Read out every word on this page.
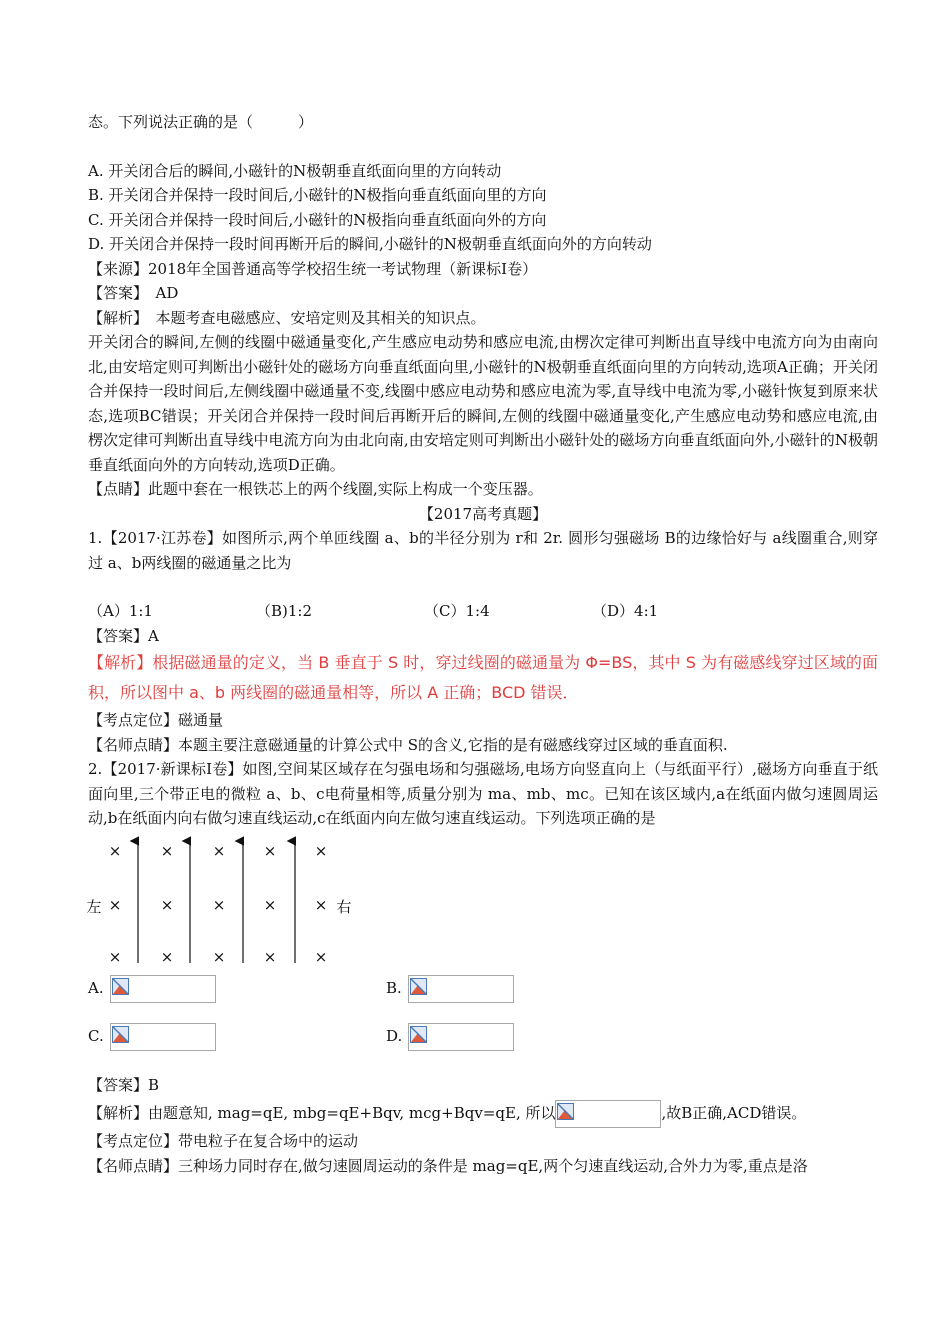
态。下列说法正确的是（　　　）
A. 开关闭合后的瞬间,小磁针的N极朝垂直纸面向里的方向转动
B. 开关闭合并保持一段时间后,小磁针的N极指向垂直纸面向里的方向
C. 开关闭合并保持一段时间后,小磁针的N极指向垂直纸面向外的方向
D. 开关闭合并保持一段时间再断开后的瞬间,小磁针的N极朝垂直纸面向外的方向转动
【来源】2018年全国普通高等学校招生统一考试物理（新课标Ⅰ卷）
【答案】　AD
【解析】　本题考查电磁感应、安培定则及其相关的知识点。

开关闭合的瞬间,左侧的线圈中磁通量变化,产生感应电动势和感应电流,由楞次定律可判断出直导线中电流方向为由南向北,由安培定则可判断出小磁针处的磁场方向垂直纸面向里,小磁针的N极朝垂直纸面向里的方向转动,选项A正确；开关闭合并保持一段时间后,左侧线圈中磁通量不变,线圈中感应电动势和感应电流为零,直导线中电流为零,小磁针恢复到原来状态,选项BC错误；开关闭合并保持一段时间后再断开后的瞬间,左侧的线圈中磁通量变化,产生感应电动势和感应电流,由楞次定律可判断出直导线中电流方向为由北向南,由安培定则可判断出小磁针处的磁场方向垂直纸面向外,小磁针的N极朝垂直纸面向外的方向转动,选项D正确。

【点睛】此题中套在一根铁芯上的两个线圈,实际上构成一个变压器。
【2017高考真题】

1.【2017·江苏卷】如图所示,两个单匝线圈 a、b的半径分别为 r和 2r. 圆形匀强磁场 B的边缘恰好与 a线圈重合,则穿过 a、b两线圈的磁通量之比为

（A）1:1	（B)1:2	（C）1:4	（D）4:1
【答案】A

【解析】根据磁通量的定义，当 B 垂直于 S 时，穿过线圈的磁通量为 Φ=BS，其中 S 为有磁感线穿过区域的面积，所以图中 a、b 两线圈的磁通量相等，所以 A 正确；BCD 错误．

【考点定位】磁通量
【名师点睛】本题主要注意磁通量的计算公式中 S的含义,它指的是有磁感线穿过区域的垂直面积.

2.【2017·新课标Ⅰ卷】如图,空间某区域存在匀强电场和匀强磁场,电场方向竖直向上（与纸面平行）,磁场方向垂直于纸面向里,三个带正电的微粒 a、b、c电荷量相等,质量分别为 ma、mb、mc。已知在该区域内,a在纸面内做匀速圆周运动,b在纸面内向右做匀速直线运动,c在纸面内向左做匀速直线运动。下列选项正确的是

左	右
×	×	×	×	×
×	×	×	×	×
×	×	×	×	×
A.	B.
C.	D.
【答案】B
【解析】由题意知, mag=qE, mbg=qE+Bqv, mcg+Bqv=qE, 所以	,故B正确,ACD错误。
【考点定位】带电粒子在复合场中的运动
【名师点睛】三种场力同时存在,做匀速圆周运动的条件是 mag=qE,两个匀速直线运动,合外力为零,重点是洛
